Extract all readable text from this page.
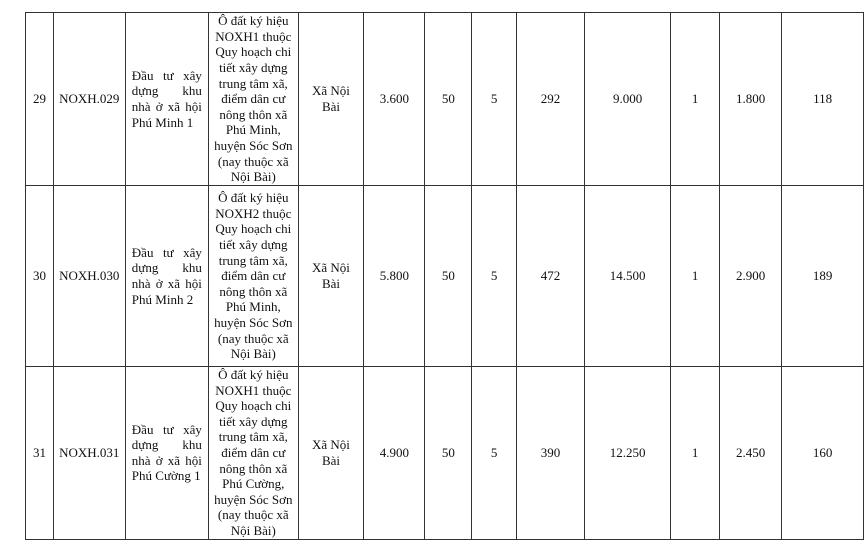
29	NOXH.029	Đầu tư xây dựng khu nhà ở xã hội Phú Minh 1	Ô đất ký hiệu NOXH1 thuộc Quy hoạch chi tiết xây dựng trung tâm xã, điểm dân cư nông thôn xã Phú Minh, huyện Sóc Sơn (nay thuộc xã Nội Bài)	Xã Nội Bài	3.600	50	5	292	9.000	1	1.800	118
30	NOXH.030	Đầu tư xây dựng khu nhà ở xã hội Phú Minh 2	Ô đất ký hiệu NOXH2 thuộc Quy hoạch chi tiết xây dựng trung tâm xã, điểm dân cư nông thôn xã Phú Minh, huyện Sóc Sơn (nay thuộc xã Nội Bài)	Xã Nội Bài	5.800	50	5	472	14.500	1	2.900	189
31	NOXH.031	Đầu tư xây dựng khu nhà ở xã hội Phú Cường 1	Ô đất ký hiệu NOXH1 thuộc Quy hoạch chi tiết xây dựng trung tâm xã, điểm dân cư nông thôn xã Phú Cường, huyện Sóc Sơn (nay thuộc xã Nội Bài)	Xã Nội Bài	4.900	50	5	390	12.250	1	2.450	160
